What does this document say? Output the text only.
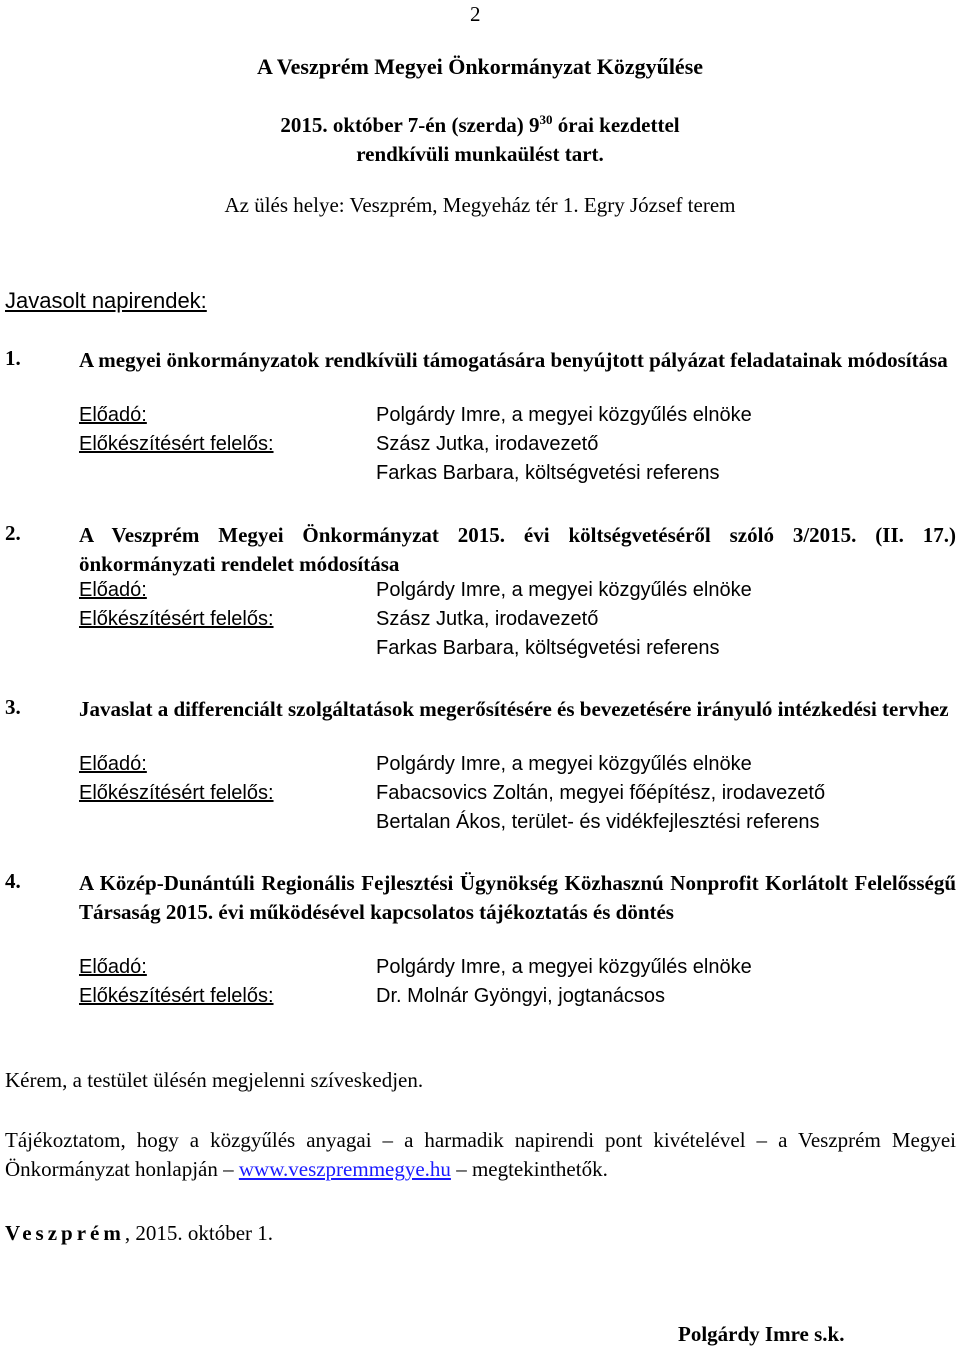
2
A Veszprém Megyei Önkormányzat Közgyűlése
2015. október 7-én (szerda) $9^{30}$ órai kezdettel
rendkívüli munkaülést tart.
Az ülés helye: Veszprém, Megyeház tér 1. Egry József terem
Javasolt napirendek:
1.	A megyei önkormányzatok rendkívüli támogatására benyújtott pályázat feladatainak módosítása
Előadó:	Polgárdy Imre, a megyei közgyűlés elnöke
Előkészítésért felelős:	Szász Jutka, irodavezető
Farkas Barbara, költségvetési referens
2.	A Veszprém Megyei Önkormányzat 2015. évi költségvetéséről szóló 3/2015. (II. 17.) önkormányzati rendelet módosítása
Előadó:	Polgárdy Imre, a megyei közgyűlés elnöke
Előkészítésért felelős:	Szász Jutka, irodavezető
Farkas Barbara, költségvetési referens
3.	Javaslat a differenciált szolgáltatások megerősítésére és bevezetésére irányuló intézkedési tervhez
Előadó:	Polgárdy Imre, a megyei közgyűlés elnöke
Előkészítésért felelős:	Fabacsovics Zoltán, megyei főépítész, irodavezető
Bertalan Ákos, terület- és vidékfejlesztési referens
4.	A Közép-Dunántúli Regionális Fejlesztési Ügynökség Közhasznú Nonprofit Korlátolt Felelősségű Társaság 2015. évi működésével kapcsolatos tájékoztatás és döntés
Előadó:	Polgárdy Imre, a megyei közgyűlés elnöke
Előkészítésért felelős:	Dr. Molnár Gyöngyi, jogtanácsos
Kérem, a testület ülésén megjelenni szíveskedjen.
Tájékoztatom, hogy a közgyűlés anyagai – a harmadik napirendi pont kivételével – a Veszprém Megyei Önkormányzat honlapján – www.veszpremmegye.hu – megtekinthetők.
Veszprém, 2015. október 1.
Polgárdy Imre s.k.
